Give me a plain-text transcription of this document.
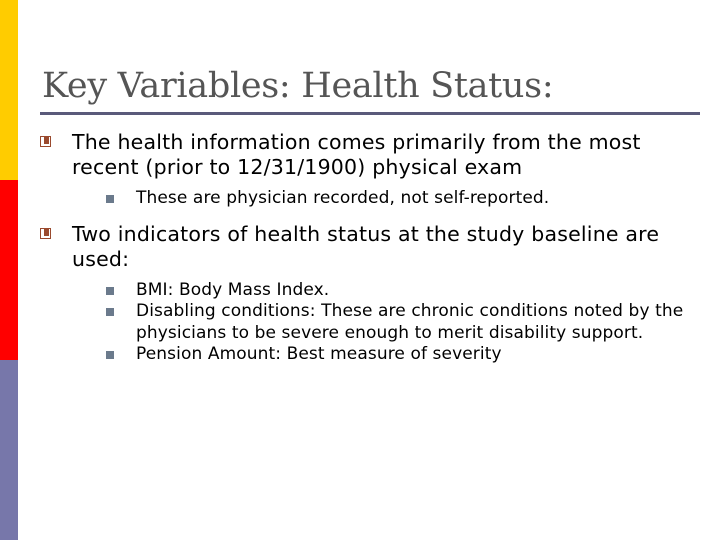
Key Variables: Health Status:
The health information comes primarily from the most recent (prior to 12/31/1900) physical exam
These are physician recorded, not self-reported.
Two indicators of health status at the study baseline are used:
BMI: Body Mass Index.
Disabling conditions: These are chronic conditions noted by the physicians to be severe enough to merit disability support.
Pension Amount: Best measure of severity
